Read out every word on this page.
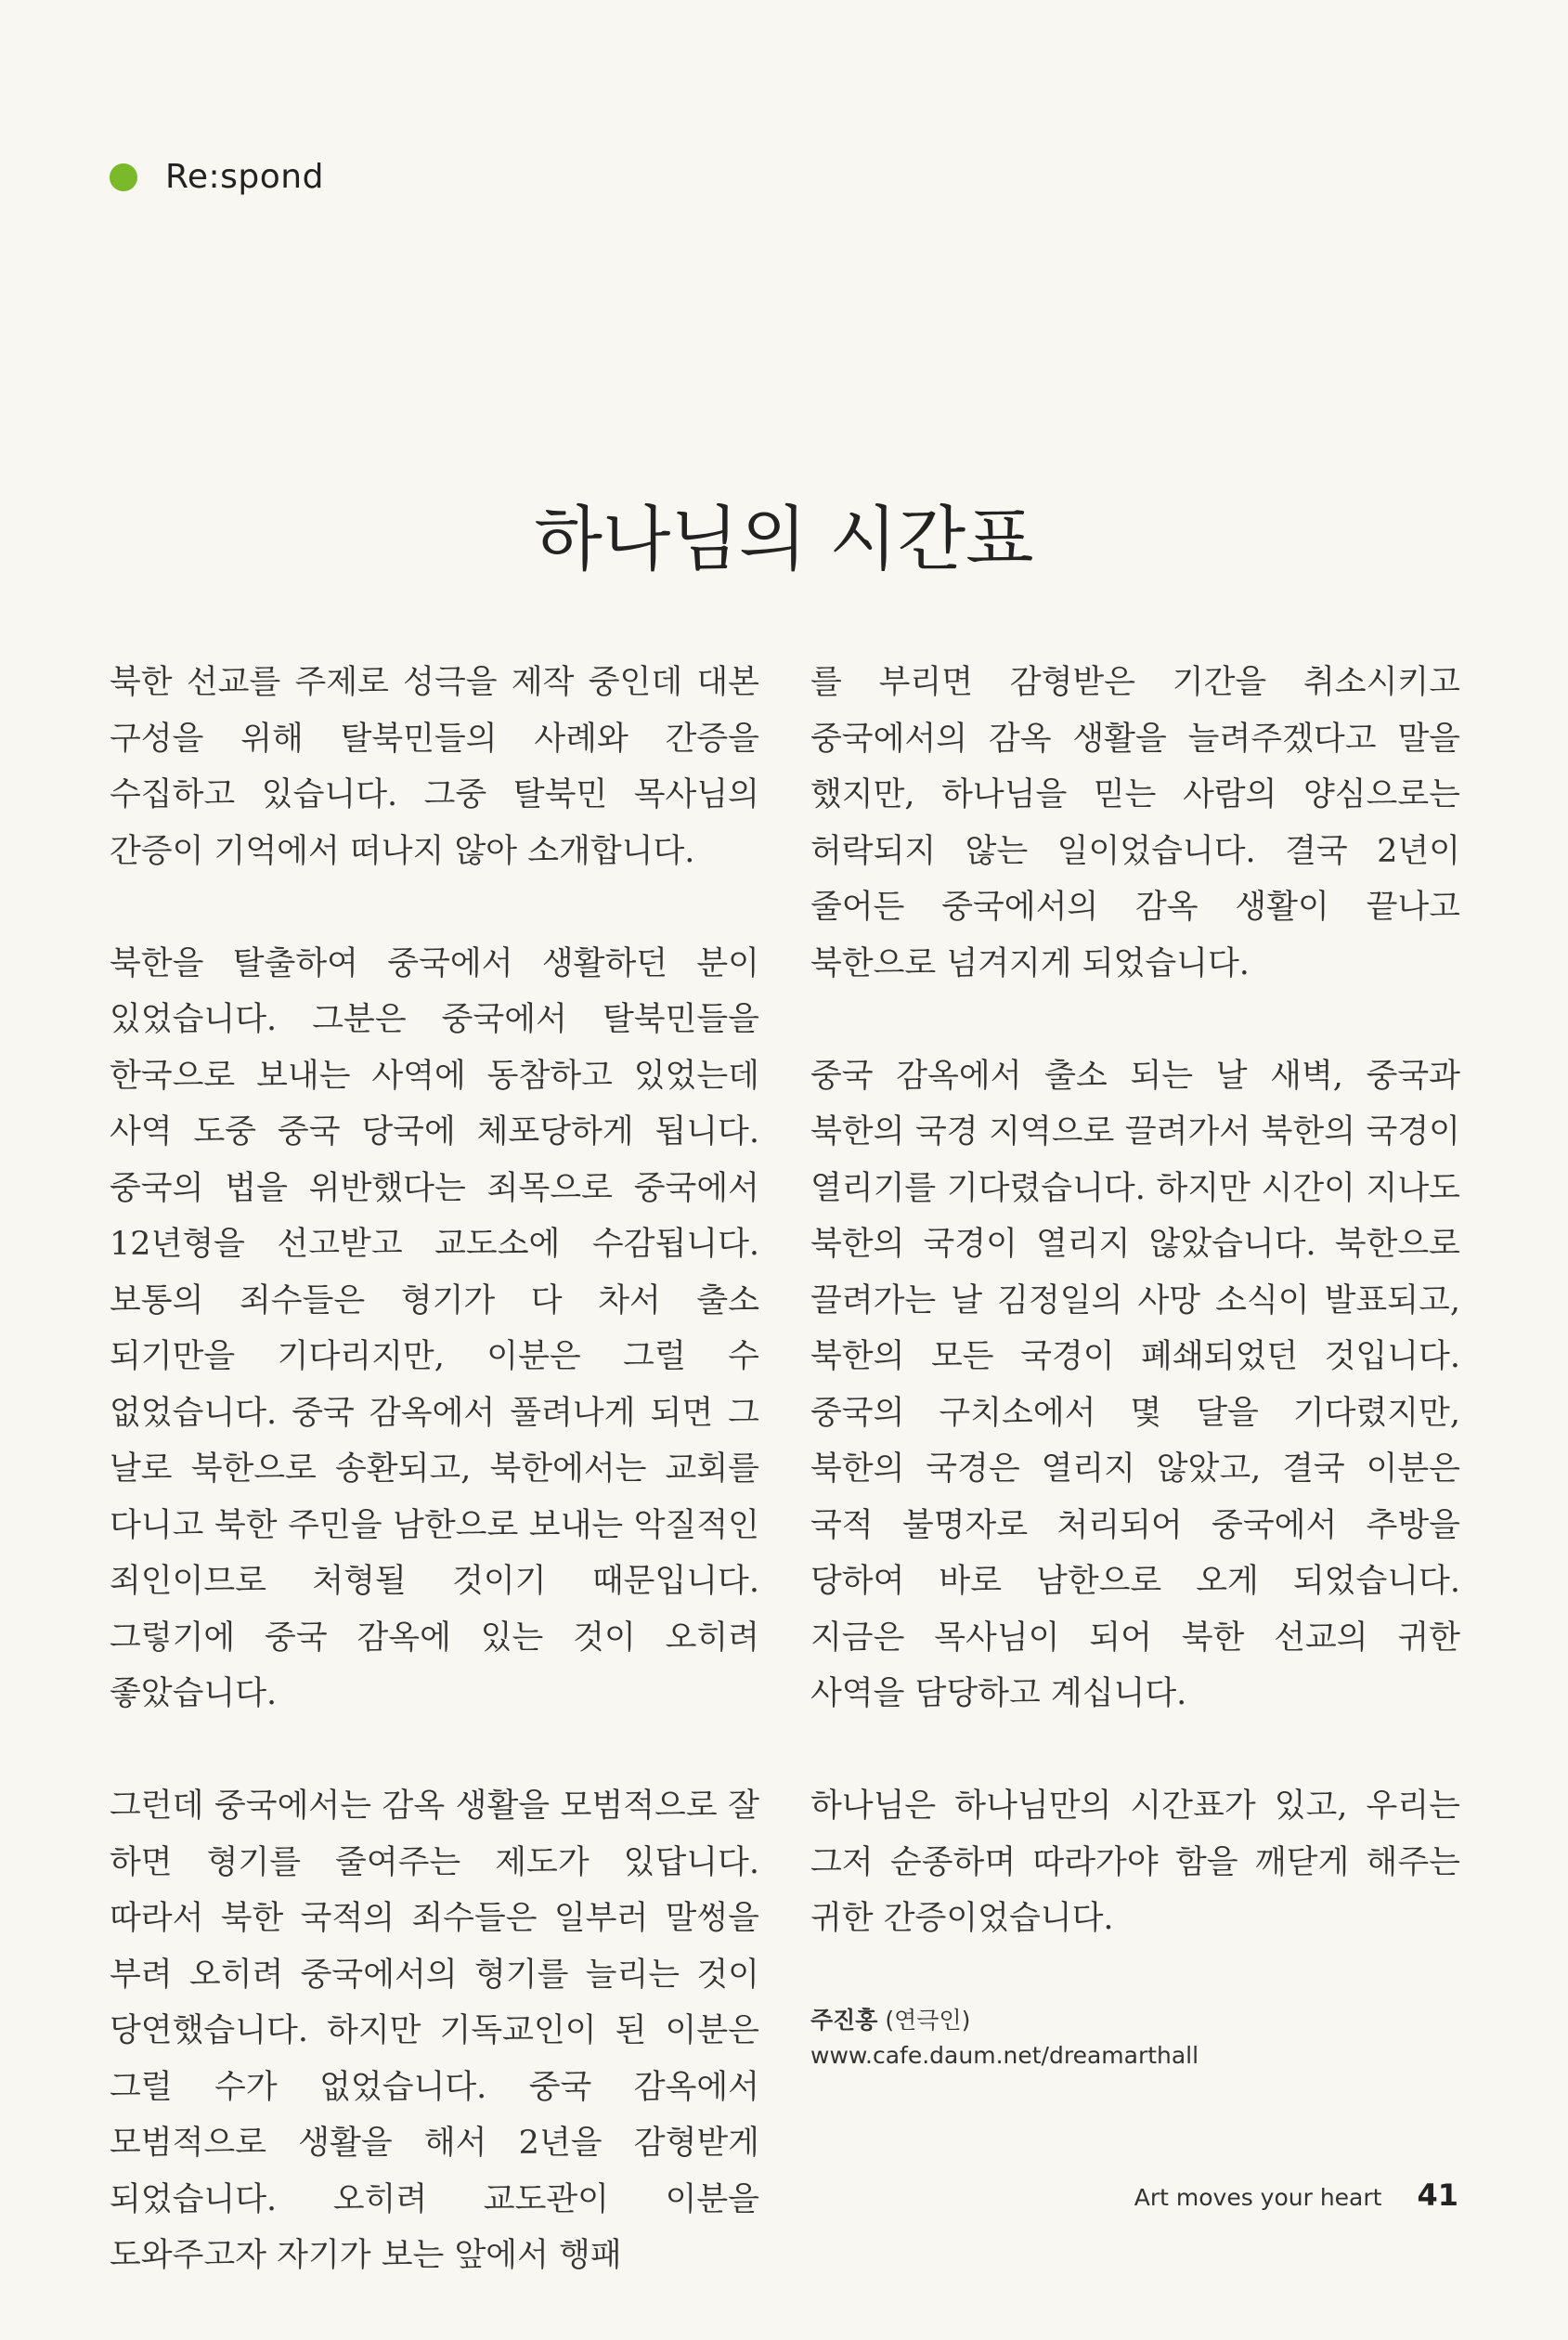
Re:spond
하나님의 시간표

북한 선교를 주제로 성극을 제작 중인데 대본 구성을 위해 탈북민들의 사례와 간증을 수집하고 있습니다. 그중 탈북민 목사님의 간증이 기억에서 떠나지 않아 소개합니다.

북한을 탈출하여 중국에서 생활하던 분이 있었습니다. 그분은 중국에서 탈북민들을 한국으로 보내는 사역에 동참하고 있었는데 사역 도중 중국 당국에 체포당하게 됩니다. 중국의 법을 위반했다는 죄목으로 중국에서 12년형을 선고받고 교도소에 수감됩니다. 보통의 죄수들은 형기가 다 차서 출소 되기만을 기다리지만, 이분은 그럴 수 없었습니다. 중국 감옥에서 풀려나게 되면 그 날로 북한으로 송환되고, 북한에서는 교회를 다니고 북한 주민을 남한으로 보내는 악질적인 죄인이므로 처형될 것이기 때문입니다. 그렇기에 중국 감옥에 있는 것이 오히려 좋았습니다.

그런데 중국에서는 감옥 생활을 모범적으로 잘 하면 형기를 줄여주는 제도가 있답니다. 따라서 북한 국적의 죄수들은 일부러 말썽을 부려 오히려 중국에서의 형기를 늘리는 것이 당연했습니다. 하지만 기독교인이 된 이분은 그럴 수가 없었습니다. 중국 감옥에서 모범적으로 생활을 해서 2년을 감형받게 되었습니다. 오히려 교도관이 이분을 도와주고자 자기가 보는 앞에서 행패

를 부리면 감형받은 기간을 취소시키고 중국에서의 감옥 생활을 늘려주겠다고 말을 했지만, 하나님을 믿는 사람의 양심으로는 허락되지 않는 일이었습니다. 결국 2년이 줄어든 중국에서의 감옥 생활이 끝나고 북한으로 넘겨지게 되었습니다.

중국 감옥에서 출소 되는 날 새벽, 중국과 북한의 국경 지역으로 끌려가서 북한의 국경이 열리기를 기다렸습니다. 하지만 시간이 지나도 북한의 국경이 열리지 않았습니다. 북한으로 끌려가는 날 김정일의 사망 소식이 발표되고, 북한의 모든 국경이 폐쇄되었던 것입니다. 중국의 구치소에서 몇 달을 기다렸지만, 북한의 국경은 열리지 않았고, 결국 이분은 국적 불명자로 처리되어 중국에서 추방을 당하여 바로 남한으로 오게 되었습니다. 지금은 목사님이 되어 북한 선교의 귀한 사역을 담당하고 계십니다.

하나님은 하나님만의 시간표가 있고, 우리는 그저 순종하며 따라가야 함을 깨닫게 해주는 귀한 간증이었습니다.

주진홍 (연극인)
www.cafe.daum.net/dreamarthall
Art moves your heart 41
